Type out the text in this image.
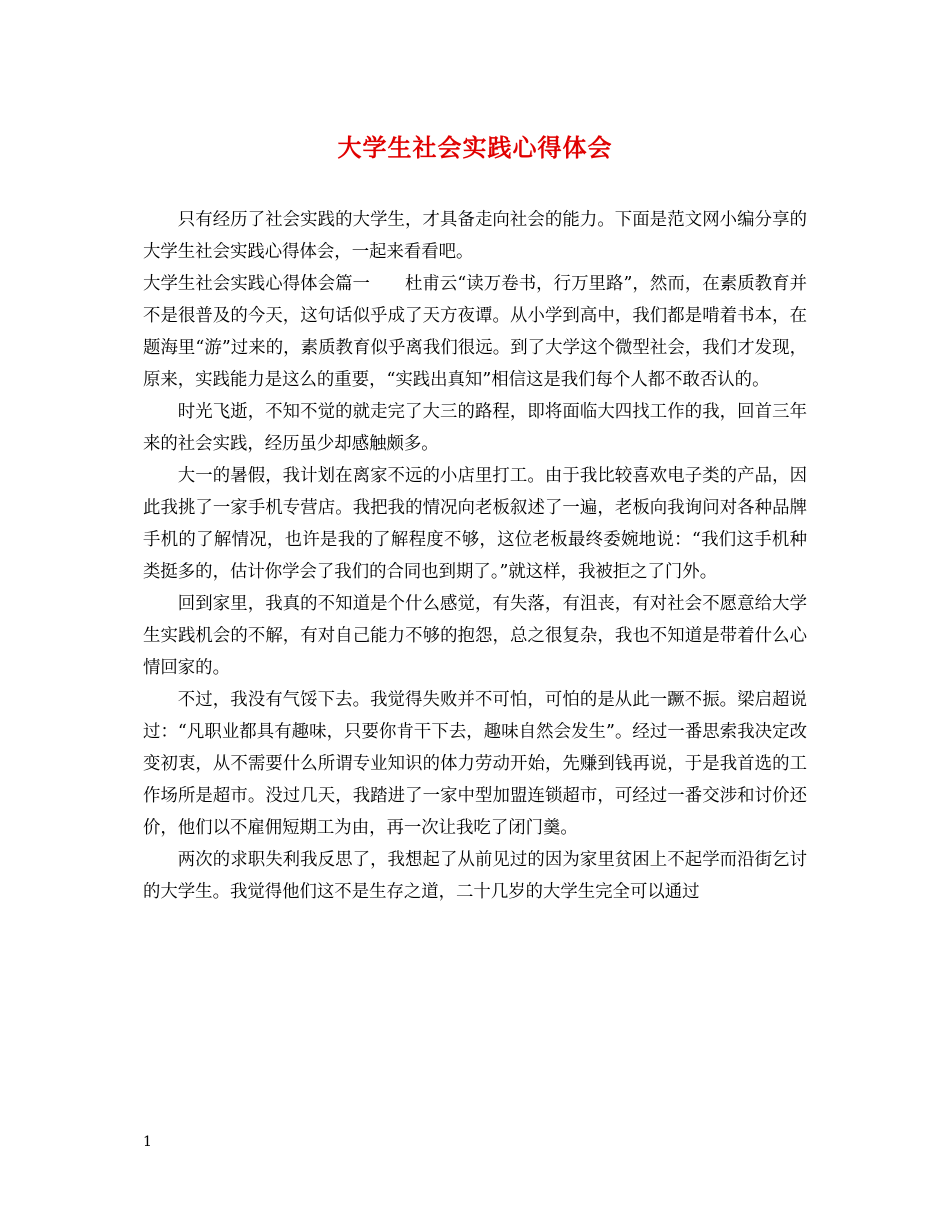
大学生社会实践心得体会

只有经历了社会实践的大学生，才具备走向社会的能力。下面是范文网小编分享的大学生社会实践心得体会，一起来看看吧。

大学生社会实践心得体会篇一　　杜甫云“读万卷书，行万里路”，然而，在素质教育并不是很普及的今天，这句话似乎成了天方夜谭。从小学到高中，我们都是啃着书本，在题海里“游”过来的，素质教育似乎离我们很远。到了大学这个微型社会，我们才发现，原来，实践能力是这么的重要，“实践出真知”相信这是我们每个人都不敢否认的。

时光飞逝，不知不觉的就走完了大三的路程，即将面临大四找工作的我，回首三年来的社会实践，经历虽少却感触颇多。

大一的暑假，我计划在离家不远的小店里打工。由于我比较喜欢电子类的产品，因此我挑了一家手机专营店。我把我的情况向老板叙述了一遍，老板向我询问对各种品牌手机的了解情况，也许是我的了解程度不够，这位老板最终委婉地说：“我们这手机种类挺多的，估计你学会了我们的合同也到期了。”就这样，我被拒之了门外。

回到家里，我真的不知道是个什么感觉，有失落，有沮丧，有对社会不愿意给大学生实践机会的不解，有对自己能力不够的抱怨，总之很复杂，我也不知道是带着什么心情回家的。

不过，我没有气馁下去。我觉得失败并不可怕，可怕的是从此一蹶不振。梁启超说过：“凡职业都具有趣味，只要你肯干下去，趣味自然会发生”。经过一番思索我决定改变初衷，从不需要什么所谓专业知识的体力劳动开始，先赚到钱再说，于是我首选的工作场所是超市。没过几天，我踏进了一家中型加盟连锁超市，可经过一番交涉和讨价还价，他们以不雇佣短期工为由，再一次让我吃了闭门羹。

两次的求职失利我反思了，我想起了从前见过的因为家里贫困上不起学而沿街乞讨的大学生。我觉得他们这不是生存之道，二十几岁的大学生完全可以通过

1
